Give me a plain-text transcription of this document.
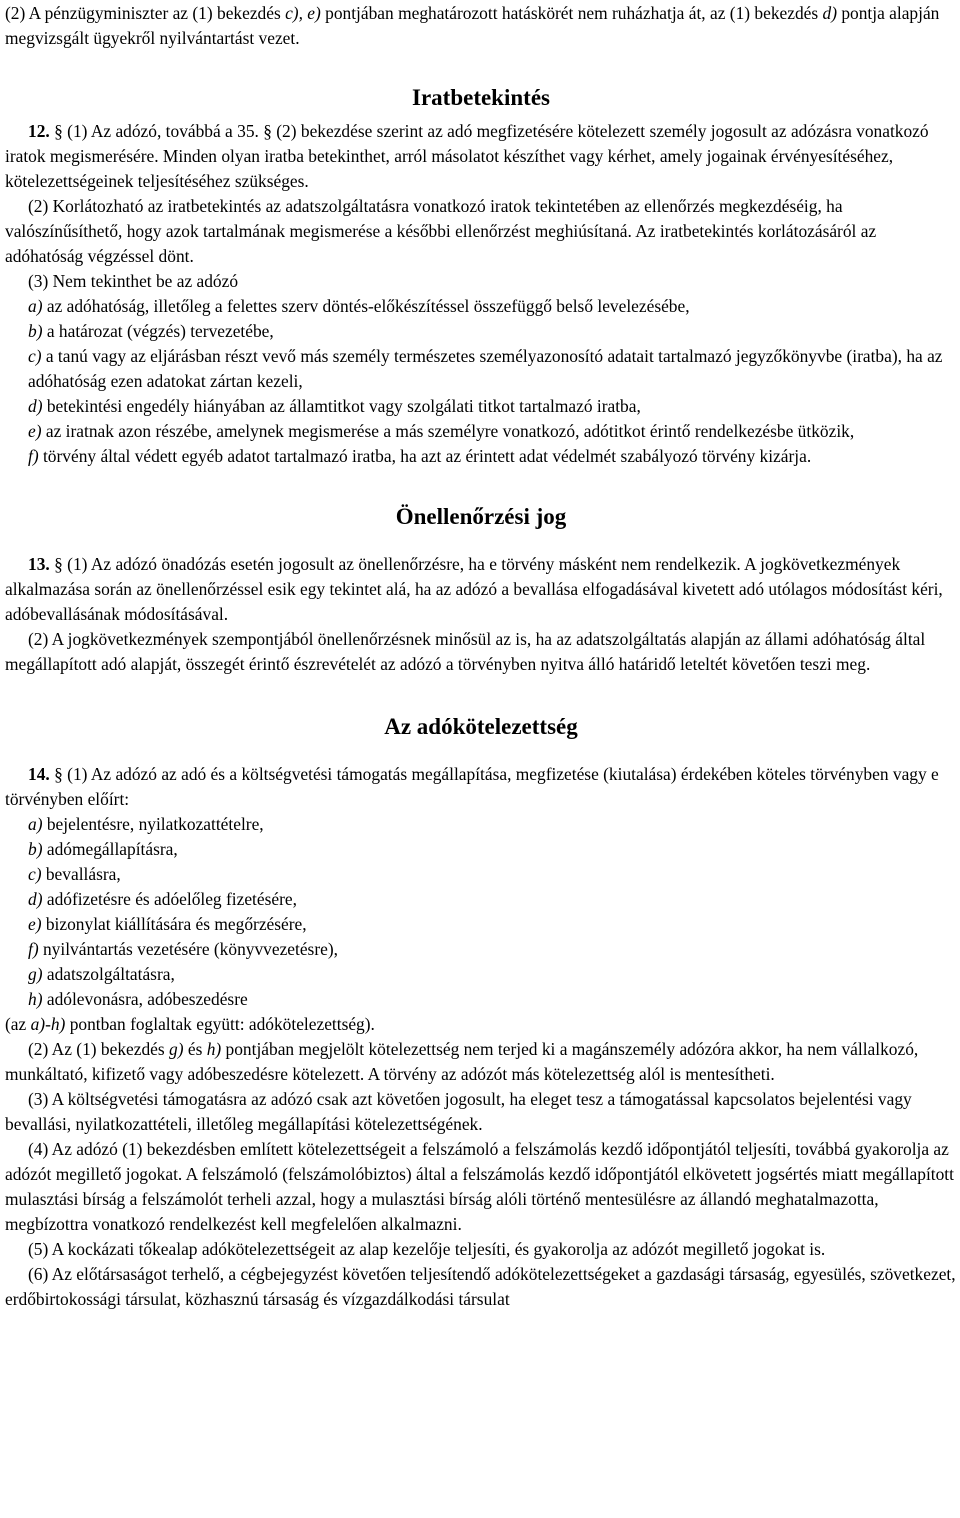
(2) A pénzügyminiszter az (1) bekezdés c), e) pontjában meghatározott hatáskörét nem ruházhatja át, az (1) bekezdés d) pontja alapján megvizsgált ügyekről nyilvántartást vezet.

Iratbetekintés

12. § (1) Az adózó, továbbá a 35. § (2) bekezdése szerint az adó megfizetésére kötelezett személy jogosult az adózásra vonatkozó iratok megismerésére. Minden olyan iratba betekinthet, arról másolatot készíthet vagy kérhet, amely jogainak érvényesítéséhez, kötelezettségeinek teljesítéséhez szükséges.

(2) Korlátozható az iratbetekintés az adatszolgáltatásra vonatkozó iratok tekintetében az ellenőrzés megkezdéséig, ha valószínűsíthető, hogy azok tartalmának megismerése a későbbi ellenőrzést meghiúsítaná. Az iratbetekintés korlátozásáról az adóhatóság végzéssel dönt.

(3) Nem tekinthet be az adózó

a) az adóhatóság, illetőleg a felettes szerv döntés-előkészítéssel összefüggő belső levelezésébe,

b) a határozat (végzés) tervezetébe,

c) a tanú vagy az eljárásban részt vevő más személy természetes személyazonosító adatait tartalmazó jegyzőkönyvbe (iratba), ha az adóhatóság ezen adatokat zártan kezeli,

d) betekintési engedély hiányában az államtitkot vagy szolgálati titkot tartalmazó iratba,

e) az iratnak azon részébe, amelynek megismerése a más személyre vonatkozó, adótitkot érintő rendelkezésbe ütközik,

f) törvény által védett egyéb adatot tartalmazó iratba, ha azt az érintett adat védelmét szabályozó törvény kizárja.

Önellenőrzési jog

13. § (1) Az adózó önadózás esetén jogosult az önellenőrzésre, ha e törvény másként nem rendelkezik. A jogkövetkezmények alkalmazása során az önellenőrzéssel esik egy tekintet alá, ha az adózó a bevallása elfogadásával kivetett adó utólagos módosítást kéri, adóbevallásának módosításával.

(2) A jogkövetkezmények szempontjából önellenőrzésnek minősül az is, ha az adatszolgáltatás alapján az állami adóhatóság által megállapított adó alapját, összegét érintő észrevételét az adózó a törvényben nyitva álló határidő leteltét követően teszi meg.

Az adókötelezettség

14. § (1) Az adózó az adó és a költségvetési támogatás megállapítása, megfizetése (kiutalása) érdekében köteles törvényben vagy e törvényben előírt:

a) bejelentésre, nyilatkozattételre,

b) adómegállapításra,

c) bevallásra,

d) adófizetésre és adóelőleg fizetésére,

e) bizonylat kiállítására és megőrzésére,

f) nyilvántartás vezetésére (könyvvezetésre),

g) adatszolgáltatásra,

h) adólevonásra, adóbeszedésre

(az a)-h) pontban foglaltak együtt: adókötelezettség).

(2) Az (1) bekezdés g) és h) pontjában megjelölt kötelezettség nem terjed ki a magánszemély adózóra akkor, ha nem vállalkozó, munkáltató, kifizető vagy adóbeszedésre kötelezett. A törvény az adózót más kötelezettség alól is mentesítheti.

(3) A költségvetési támogatásra az adózó csak azt követően jogosult, ha eleget tesz a támogatással kapcsolatos bejelentési vagy bevallási, nyilatkozattételi, illetőleg megállapítási kötelezettségének.

(4) Az adózó (1) bekezdésben említett kötelezettségeit a felszámoló a felszámolás kezdő időpontjától teljesíti, továbbá gyakorolja az adózót megillető jogokat. A felszámoló (felszámolóbiztos) által a felszámolás kezdő időpontjától elkövetett jogsértés miatt megállapított mulasztási bírság a felszámolót terheli azzal, hogy a mulasztási bírság alóli történő mentesülésre az állandó meghatalmazotta, megbízottra vonatkozó rendelkezést kell megfelelően alkalmazni.

(5) A kockázati tőkealap adókötelezettségeit az alap kezelője teljesíti, és gyakorolja az adózót megillető jogokat is.

(6) Az előtársaságot terhelő, a cégbejegyzést követően teljesítendő adókötelezettségeket a gazdasági társaság, egyesülés, szövetkezet, erdőbirtokossági társulat, közhasznú társaság és vízgazdálkodási társulat
